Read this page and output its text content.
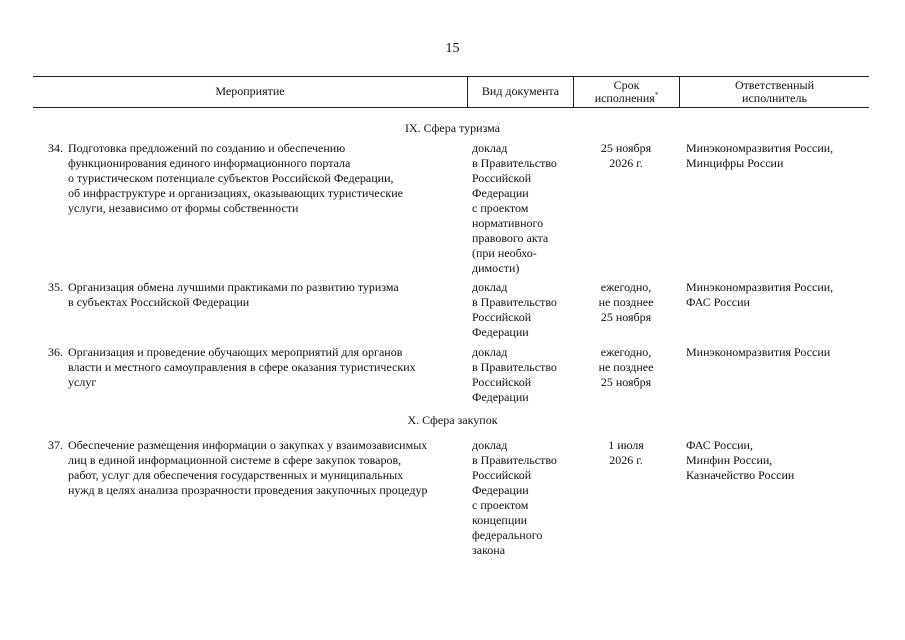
15
Мероприятие	Вид документа	Срок
исполнения*
Ответственный
исполнитель
IX. Сфера туризма
X. Сфера закупок
34. Подготовка предложений по созданию и обеспечению
функционирования единого информационного портала
о туристическом потенциале субъектов Российской Федерации,
об инфраструктуре и организациях, оказывающих туристические
услуги, независимо от формы собственности
доклад
в Правительство
Российской
Федерации
с проектом
нормативного
правового акта
(при необхо-
димости)
25 ноября
2026 г.
Минэкономразвития России,
Минцифры России
35. Организация обмена лучшими практиками по развитию туризма
в субъектах Российской Федерации
доклад
в Правительство
Российской
Федерации
ежегодно,
не позднее
25 ноября
Минэкономразвития России,
ФАС России
36. Организация и проведение обучающих мероприятий для органов
власти и местного самоуправления в сфере оказания туристических
услуг
доклад
в Правительство
Российской
Федерации
ежегодно,
не позднее
25 ноября
Минэкономразвития России
37. Обеспечение размещения информации о закупках у взаимозависимых
лиц в единой информационной системе в сфере закупок товаров,
работ, услуг для обеспечения государственных и муниципальных
нужд в целях анализа прозрачности проведения закупочных процедур
доклад
в Правительство
Российской
Федерации
с проектом
концепции
федерального
закона
1 июля
2026 г.
ФАС России,
Минфин России,
Казначейство России
